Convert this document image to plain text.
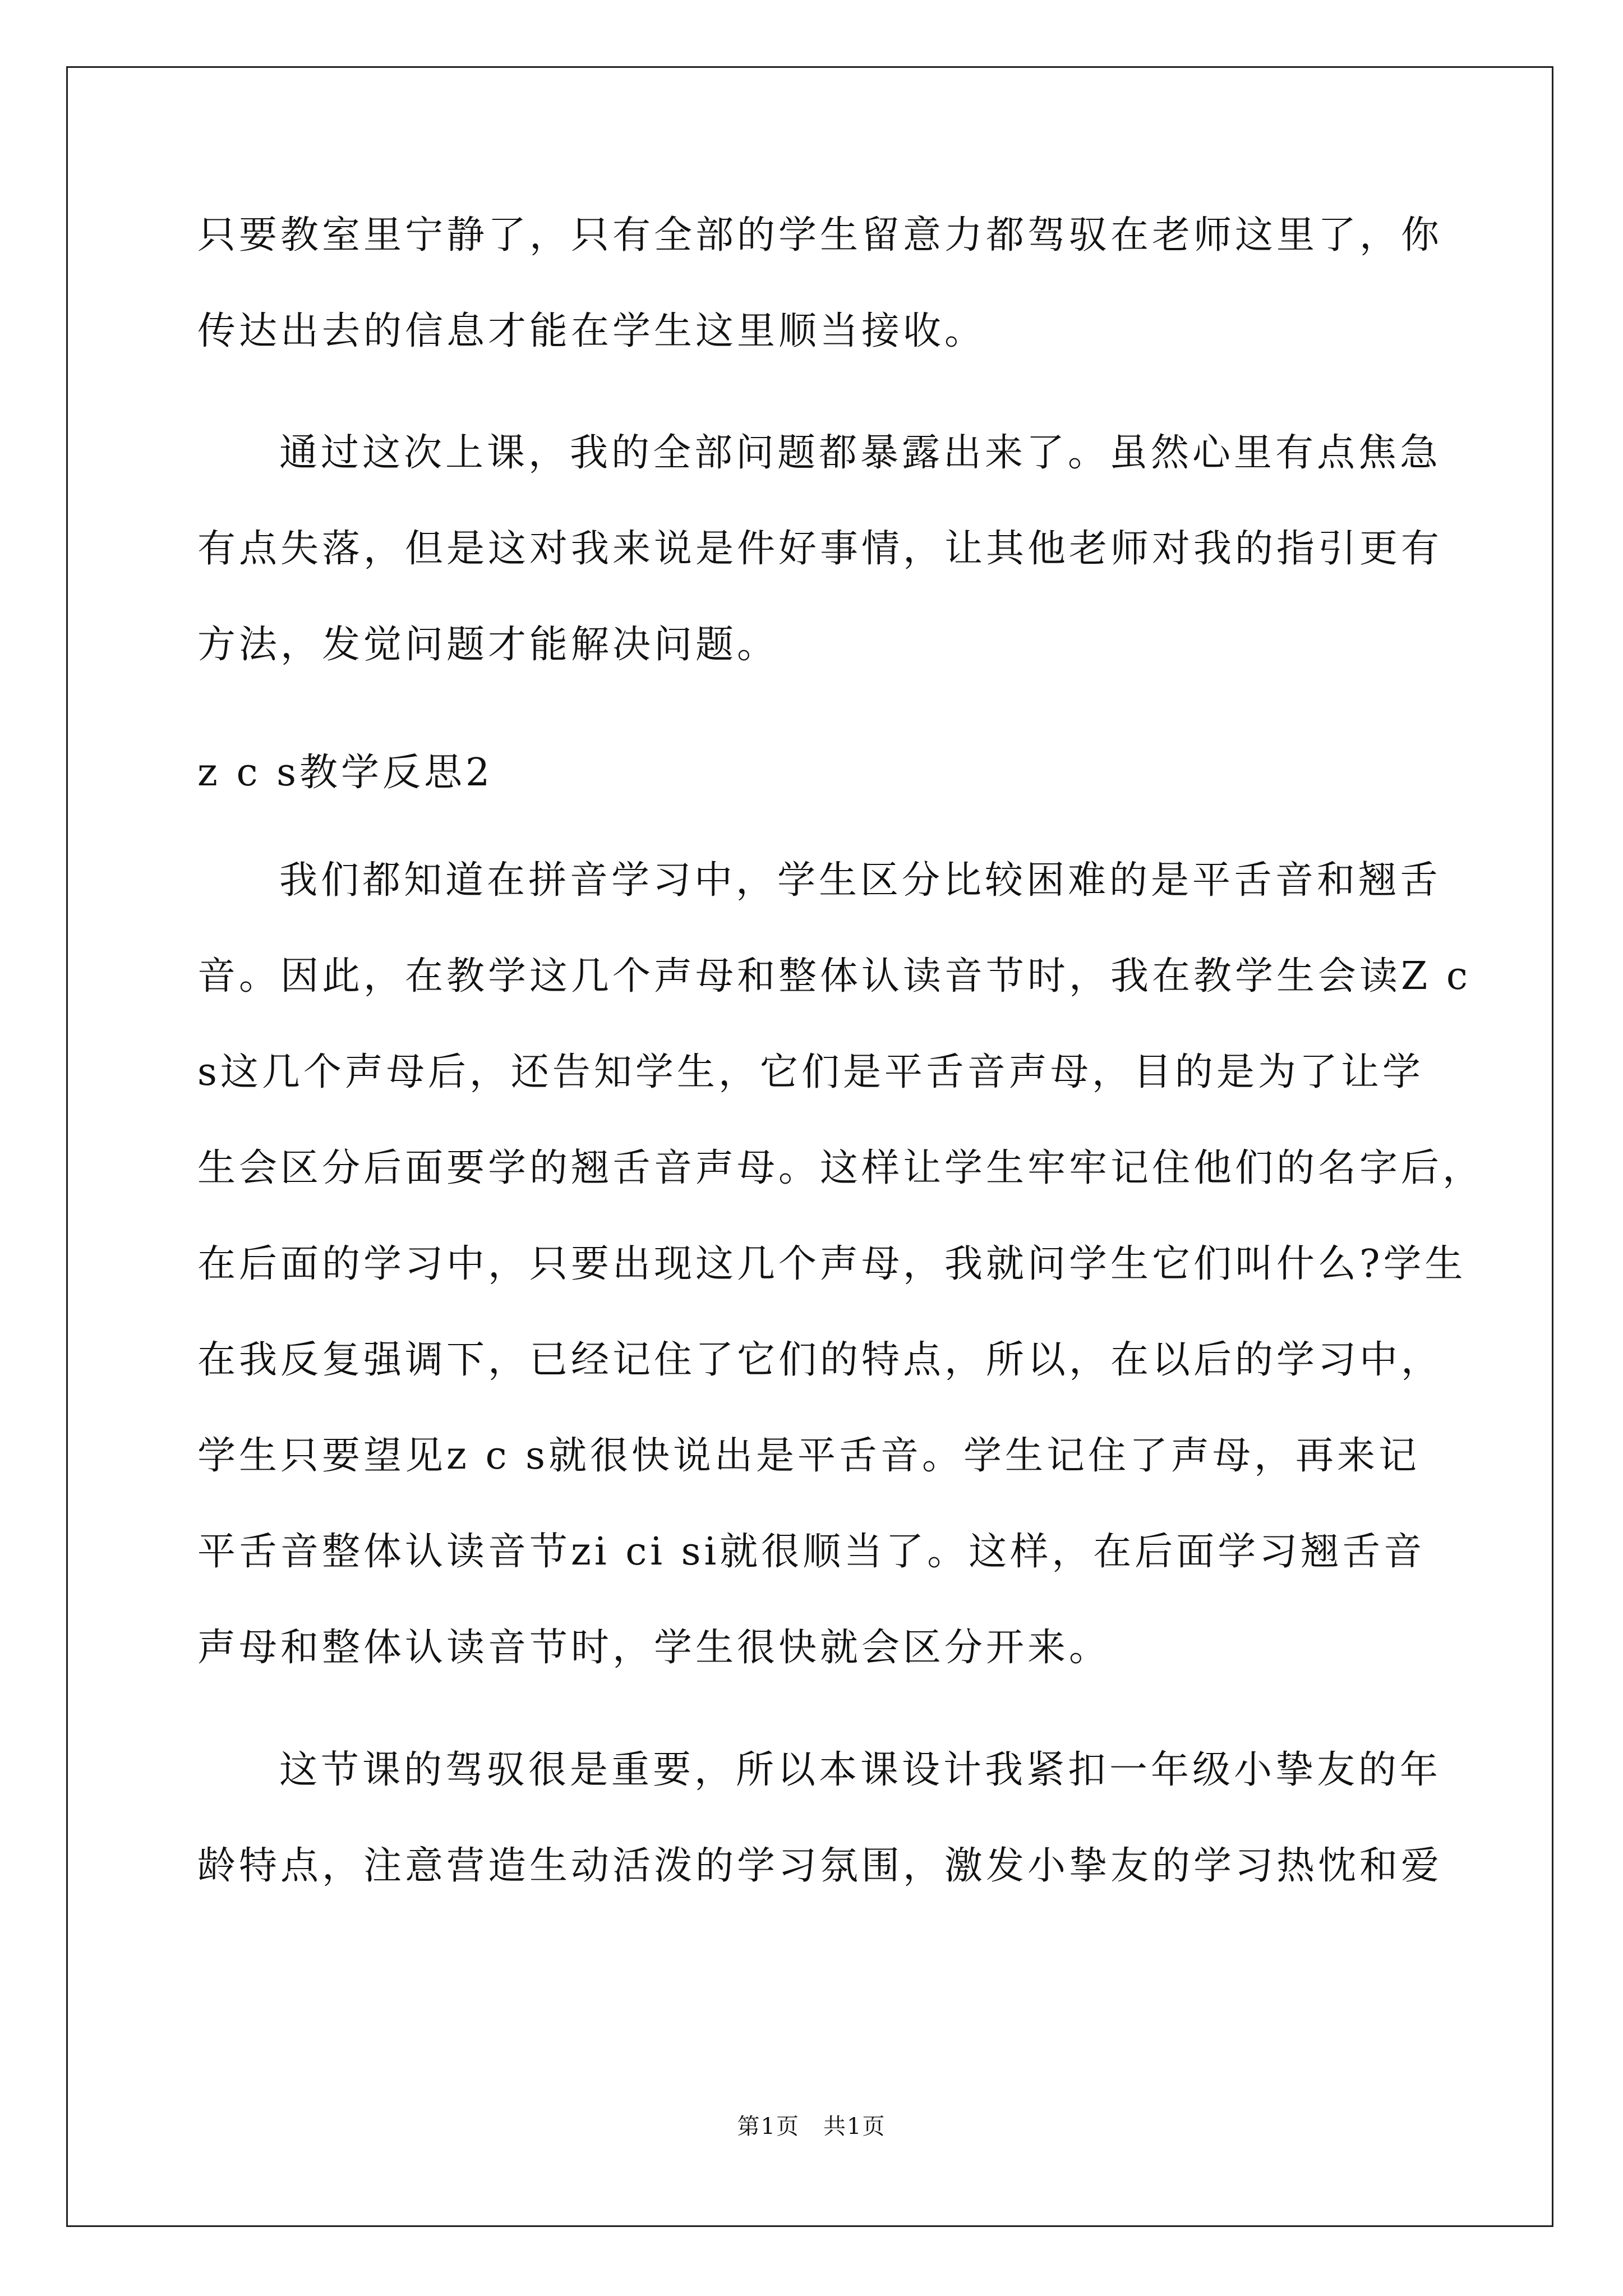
只要教室里宁静了，只有全部的学生留意力都驾驭在老师这里了，你
传达出去的信息才能在学生这里顺当接收。
通过这次上课，我的全部问题都暴露出来了。虽然心里有点焦急
有点失落，但是这对我来说是件好事情，让其他老师对我的指引更有
方法，发觉问题才能解决问题。
z c s教学反思2
我们都知道在拼音学习中，学生区分比较困难的是平舌音和翘舌
音。因此，在教学这几个声母和整体认读音节时，我在教学生会读Z c
s这几个声母后，还告知学生，它们是平舌音声母，目的是为了让学
生会区分后面要学的翘舌音声母。这样让学生牢牢记住他们的名字后，
在后面的学习中，只要出现这几个声母，我就问学生它们叫什么?学生
在我反复强调下，已经记住了它们的特点，所以，在以后的学习中，
学生只要望见z c s就很快说出是平舌音。学生记住了声母，再来记
平舌音整体认读音节zi ci si就很顺当了。这样，在后面学习翘舌音
声母和整体认读音节时，学生很快就会区分开来。
这节课的驾驭很是重要，所以本课设计我紧扣一年级小挚友的年
龄特点，注意营造生动活泼的学习氛围，激发小挚友的学习热忱和爱
第1页　共1页
